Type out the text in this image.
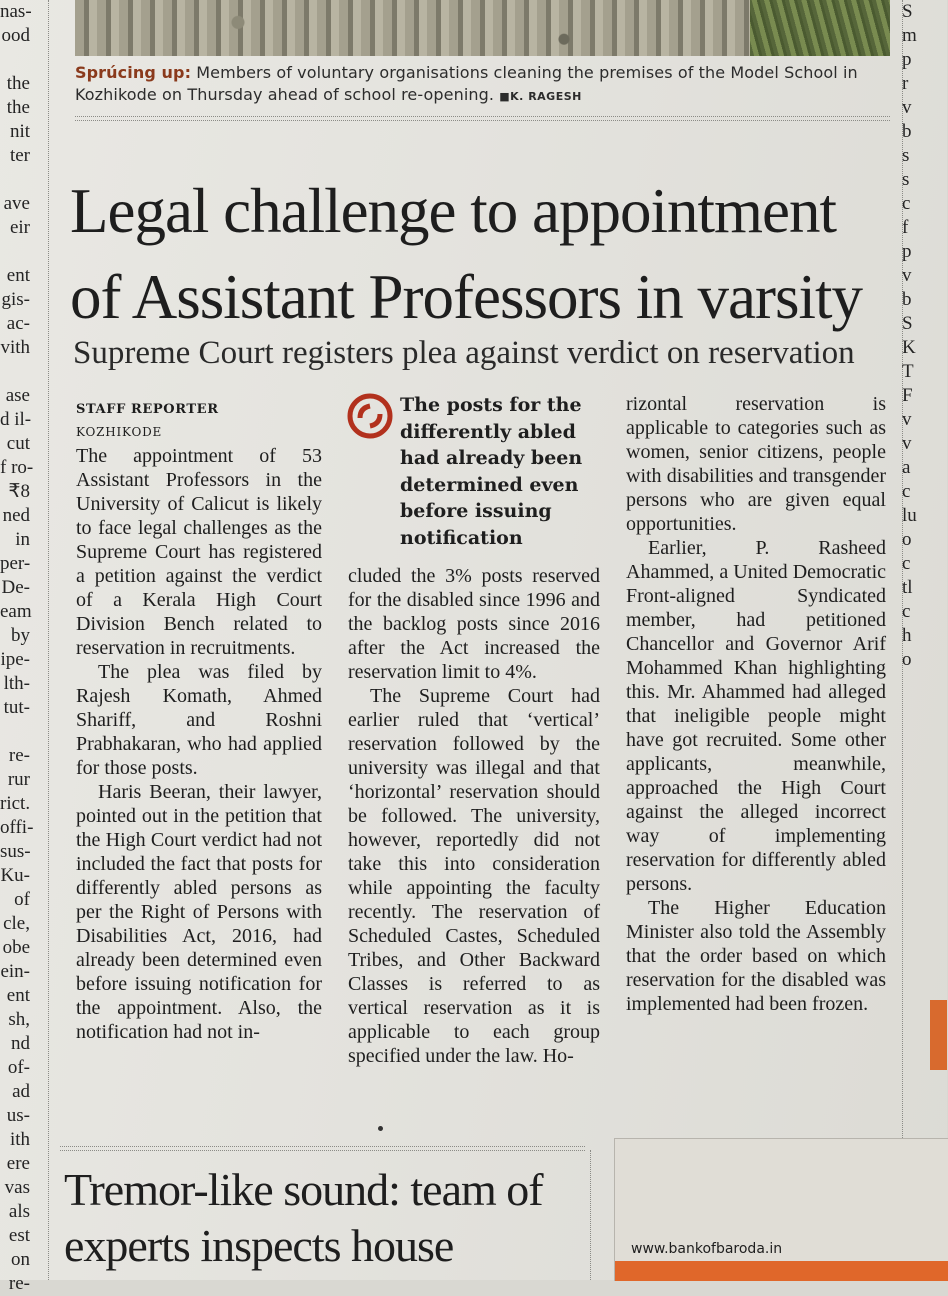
Sprúcing up: Members of voluntary organisations cleaning the premises of the Model School in Kozhikode on Thursday ahead of school re-opening. ■K. RAGESH
Legal challenge to appointment
of Assistant Professors in varsity
Supreme Court registers plea against verdict on reservation
STAFF REPORTER
KOZHIKODE

The appointment of 53 Assistant Professors in the University of Calicut is likely to face legal challenges as the Supreme Court has registered a petition against the verdict of a Kerala High Court Division Bench related to reservation in recruitments.

The plea was filed by Rajesh Komath, Ahmed Shariff, and Roshni Prabhakaran, who had applied for those posts.

Haris Beeran, their lawyer, pointed out in the petition that the High Court verdict had not included the fact that posts for differently abled persons as per the Right of Persons with Disabilities Act, 2016, had already been determined even before issuing notification for the appointment. Also, the notification had not in-

The posts for the differently abled had already been determined even before issuing notification

cluded the 3% posts reserved for the disabled since 1996 and the backlog posts since 2016 after the Act increased the reservation limit to 4%.

The Supreme Court had earlier ruled that ‘vertical’ reservation followed by the university was illegal and that ‘horizontal’ reservation should be followed. The university, however, reportedly did not take this into consideration while appointing the faculty recently. The reservation of Scheduled Castes, Scheduled Tribes, and Other Backward Classes is referred to as vertical reservation as it is applicable to each group specified under the law. Ho-

rizontal reservation is applicable to categories such as women, senior citizens, people with disabilities and transgender persons who are given equal opportunities.

Earlier, P. Rasheed Ahammed, a United Democratic Front-aligned Syndicated member, had petitioned Chancellor and Governor Arif Mohammed Khan highlighting this. Mr. Ahammed had alleged that ineligible people might have got recruited. Some other applicants, meanwhile, approached the High Court against the alleged incorrect way of implementing reservation for differently abled persons.

The Higher Education Minister also told the Assembly that the order based on which reservation for the disabled was implemented had been frozen.

Tremor-like sound: team of
experts inspects house	www.bankofbaroda.in
nas-
ood
the
the
nit
ter
ave
eir
ent
gis-
ac-
vith
ase
d il-
cut
f ro-
₹8
ned
in
per-
De-
eam
by
ipe-
lth-
tut-
re-
rur
rict.
offi-
sus-
Ku-
of
cle,
obe
ein-
ent
sh,
nd
of-
ad
us-
ith
ere
vas
als
est
on
re-
S
m
p
r
v
b
s
s
c
f
p
v
b
S
K
T
F
v
v
a
c
lu
o
c
tl
c
h
o
